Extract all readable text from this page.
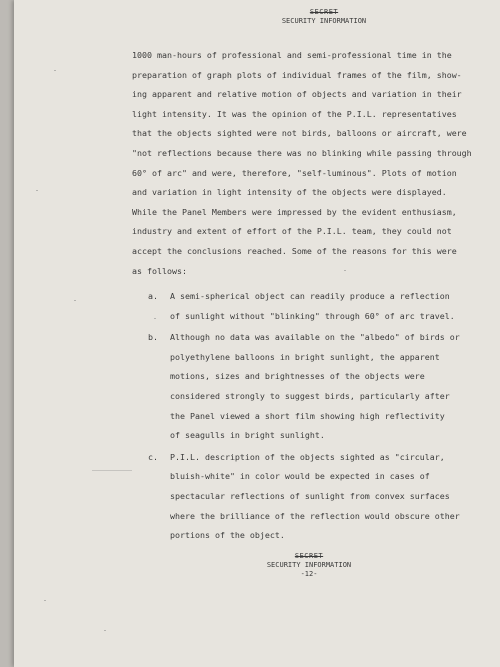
SECRET
SECURITY INFORMATION
1000 man-hours of professional and semi-professional time in the
preparation of graph plots of individual frames of the film, show-
ing apparent and relative motion of objects and variation in their
light intensity. It was the opinion of the P.I.L. representatives
that the objects sighted were not birds, balloons or aircraft, were
"not reflections because there was no blinking while passing through
60° of arc" and were, therefore, "self-luminous". Plots of motion
and variation in light intensity of the objects were displayed.
While the Panel Members were impressed by the evident enthusiasm,
industry and extent of effort of the P.I.L. team, they could not
accept the conclusions reached. Some of the reasons for this were
as follows:
a. A semi-spherical object can readily produce a reflection
of sunlight without "blinking" through 60° of arc travel.
b. Although no data was available on the "albedo" of birds or
polyethylene balloons in bright sunlight, the apparent
motions, sizes and brightnesses of the objects were
considered strongly to suggest birds, particularly after
the Panel viewed a short film showing high reflectivity
of seagulls in bright sunlight.
c. P.I.L. description of the objects sighted as "circular,
bluish-white" in color would be expected in cases of
spectacular reflections of sunlight from convex surfaces
where the brilliance of the reflection would obscure other
portions of the object.
SECRET
SECURITY INFORMATION
-12-
